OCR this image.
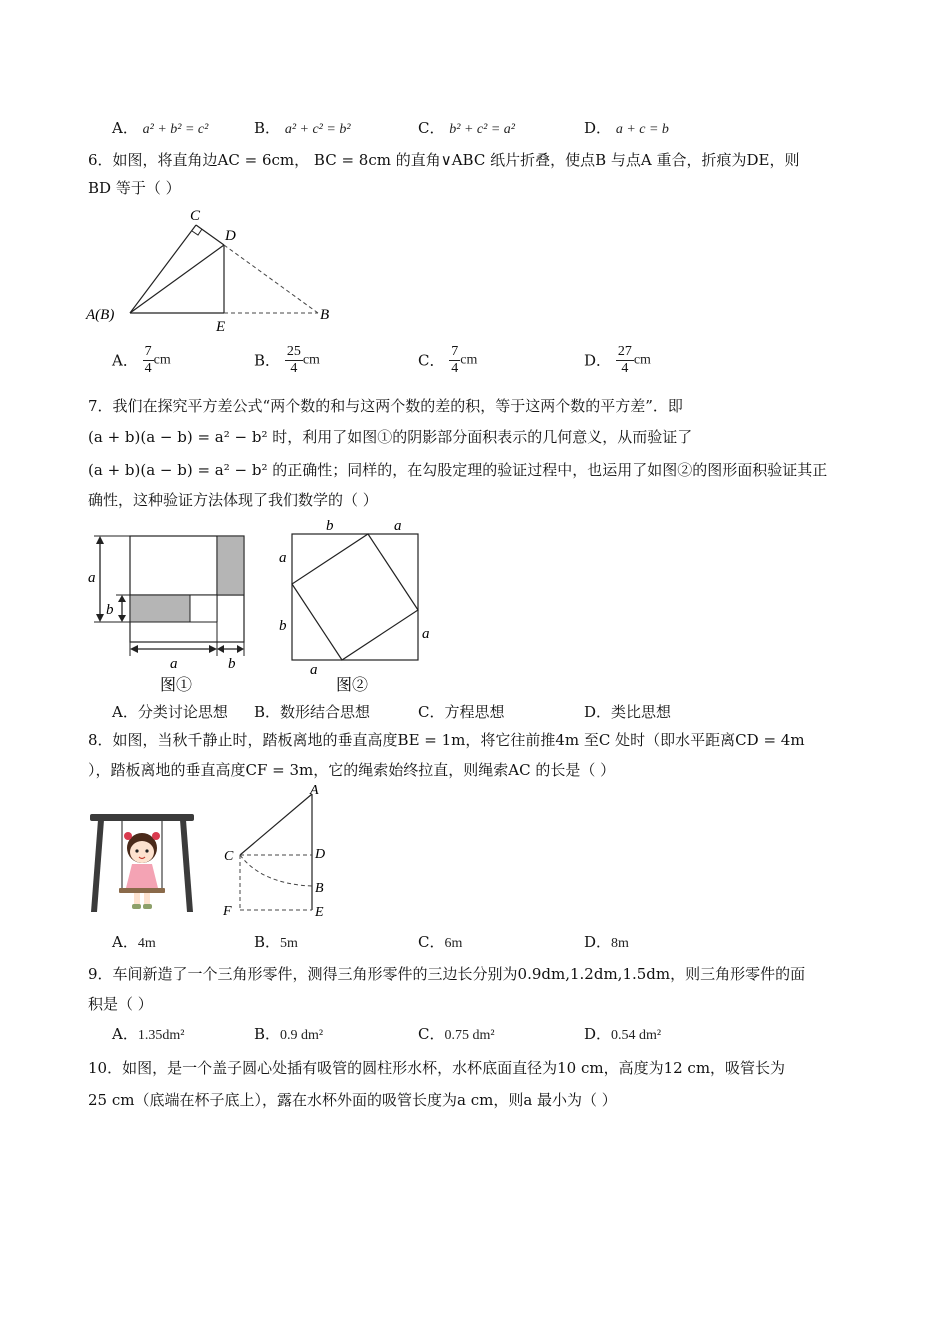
A． a² + b² = c²	B． a² + c² = b²	C． b² + c² = a²	D． a + c = b
6．如图，将直角边AC = 6cm， BC = 8cm 的直角∨ABC 纸片折叠，使点B 与点A 重合，折痕为DE，则
BD 等于（ ）
C
D
A(B)
E
B
A． $\frac{7}{4}$ cm	B． $\frac{25}{4}$ cm	C． $\frac{7}{4}$ cm	D． $\frac{27}{4}$ cm
7．我们在探究平方差公式“两个数的和与这两个数的差的积，等于这两个数的平方差”．即
(a + b)(a − b) = a² − b² 时，利用了如图①的阴影部分面积表示的几何意义，从而验证了
(a + b)(a − b) = a² − b² 的正确性；同样的，在勾股定理的验证过程中，也运用了如图②的图形面积验证其正
确性，这种验证方法体现了我们数学的（ ）
a
b
a	b
图①
b	a
a
b	a
a
图②
A．分类讨论思想 B．数形结合思想	C．方程思想	D．类比思想
8．如图，当秋千静止时，踏板离地的垂直高度BE = 1m，将它往前推4m 至C 处时（即水平距离CD = 4m
），踏板离地的垂直高度CF = 3m，它的绳索始终拉直，则绳索AC 的长是（ ）
A
C	D
B
F	E
A．4m	B．5m	C．6m	D．8m
9．车间新造了一个三角形零件，测得三角形零件的三边长分别为0.9dm,1.2dm,1.5dm，则三角形零件的面
积是（ ）
A．1.35dm²	B．0.9 dm²	C．0.75 dm²	D．0.54 dm²
10．如图，是一个盖子圆心处插有吸管的圆柱形水杯，水杯底面直径为10 cm，高度为12 cm，吸管长为
25 cm（底端在杯子底上），露在水杯外面的吸管长度为a cm，则a 最小为（ ）
